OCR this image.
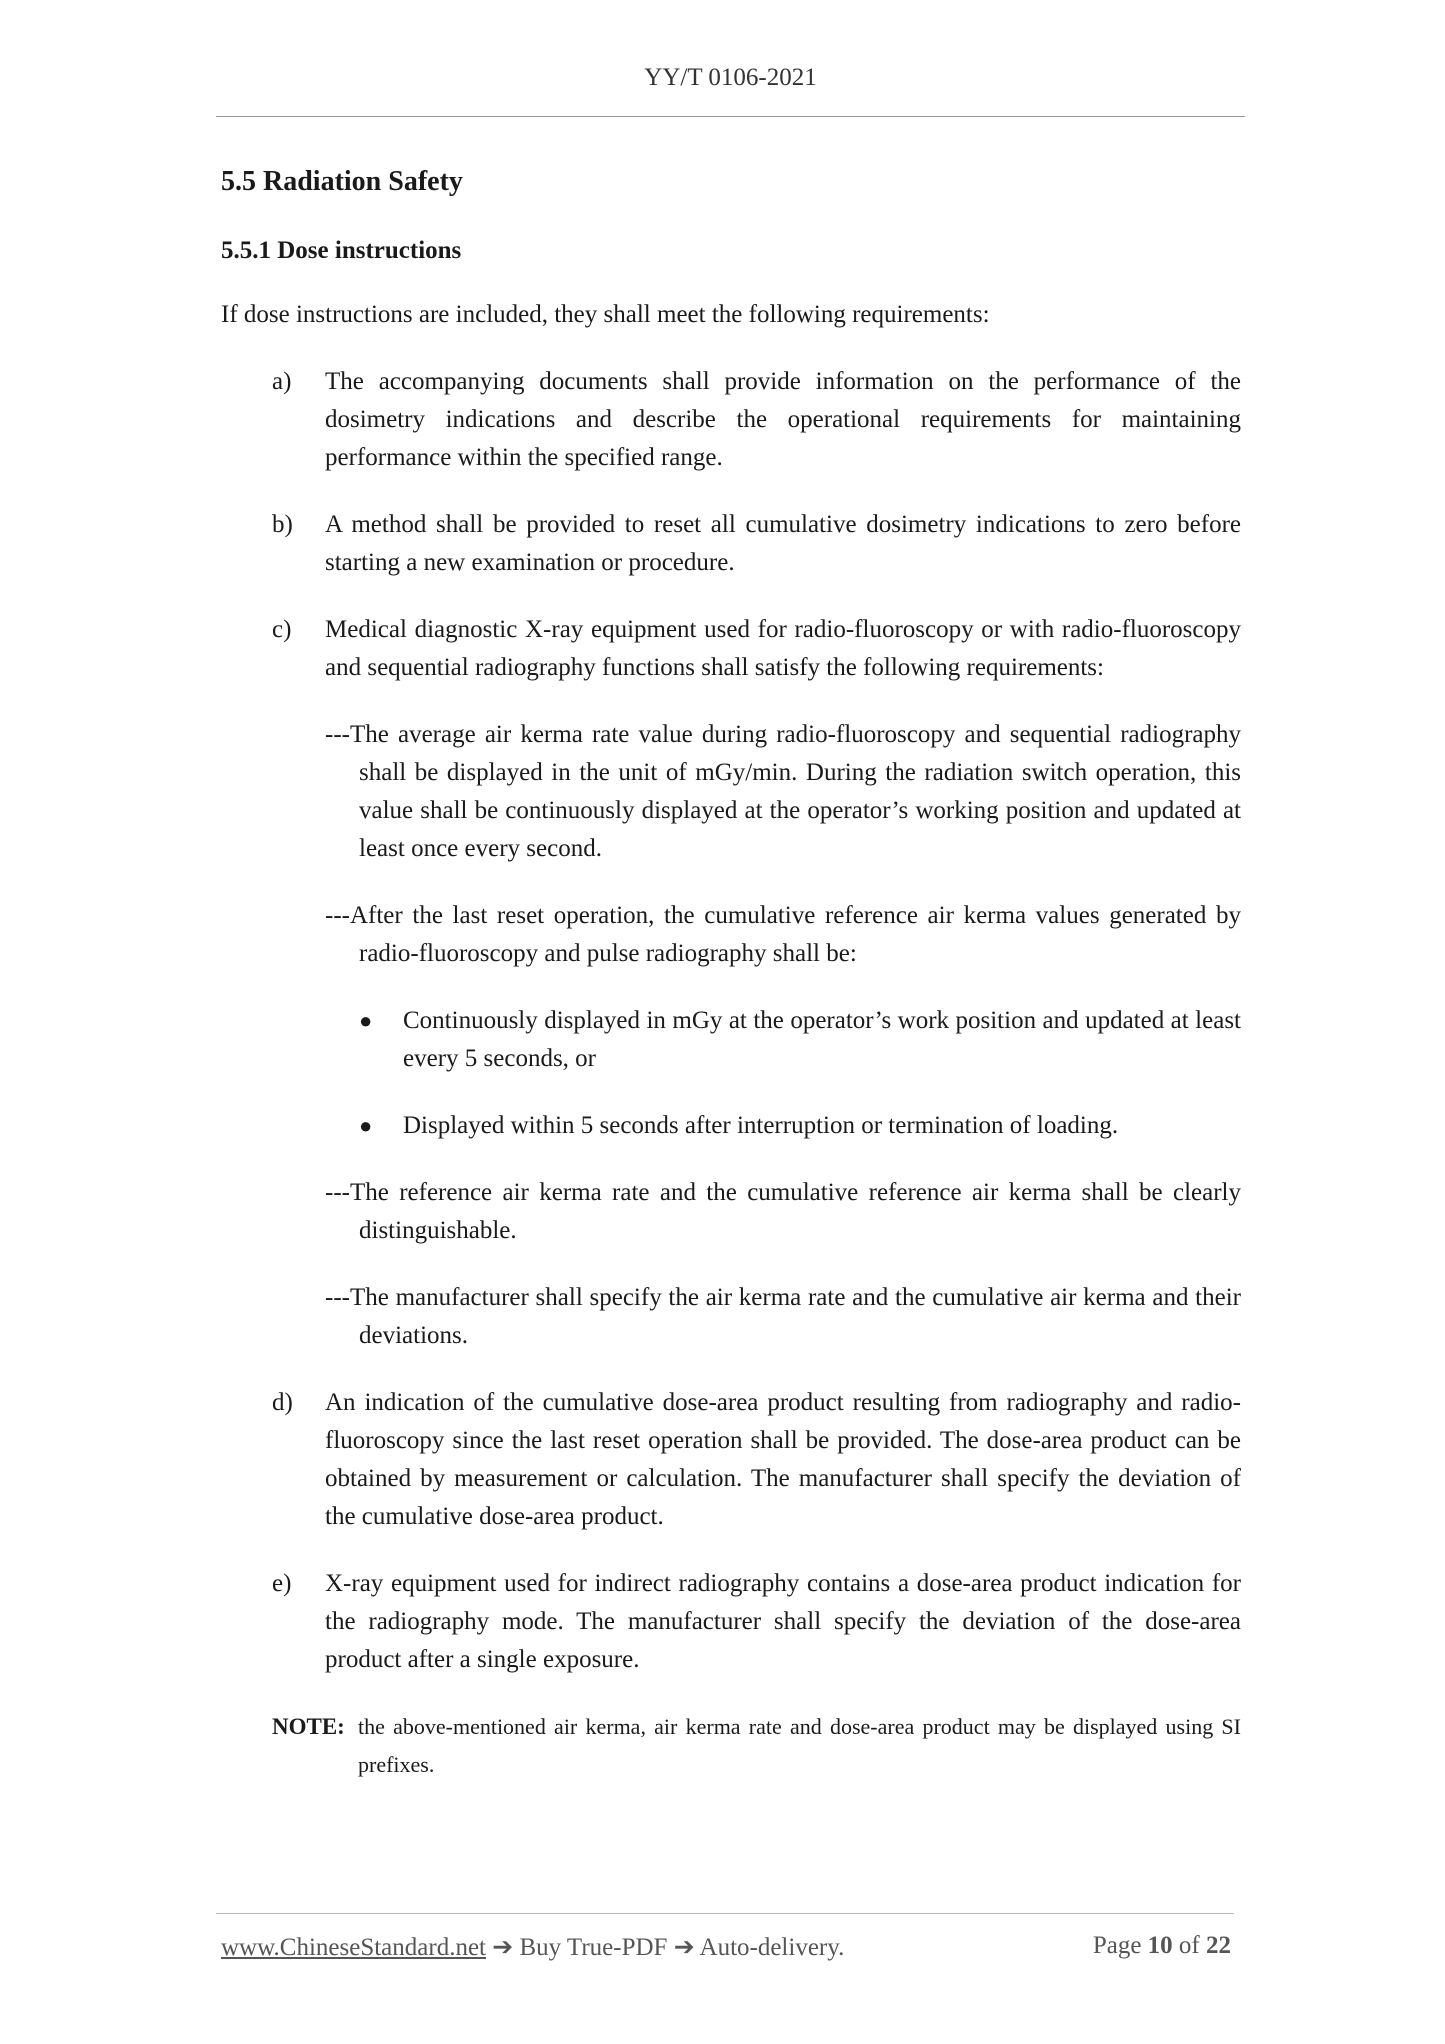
YY/T 0106-2021
5.5 Radiation Safety
5.5.1 Dose instructions

If dose instructions are included, they shall meet the following requirements:

a)	The accompanying documents shall provide information on the performance of the dosimetry indications and describe the operational requirements for maintaining performance within the specified range.
b)	A method shall be provided to reset all cumulative dosimetry indications to zero before starting a new examination or procedure.
c)	Medical diagnostic X-ray equipment used for radio-fluoroscopy or with radio-fluoroscopy and sequential radiography functions shall satisfy the following requirements:
---The average air kerma rate value during radio-fluoroscopy and sequential radiography shall be displayed in the unit of mGy/min. During the radiation switch operation, this value shall be continuously displayed at the operator’s working position and updated at least once every second.
---After the last reset operation, the cumulative reference air kerma values generated by radio-fluoroscopy and pulse radiography shall be:
●	Continuously displayed in mGy at the operator’s work position and updated at least every 5 seconds, or
●	Displayed within 5 seconds after interruption or termination of loading.
---The reference air kerma rate and the cumulative reference air kerma shall be clearly distinguishable.
---The manufacturer shall specify the air kerma rate and the cumulative air kerma and their deviations.
d)	An indication of the cumulative dose-area product resulting from radiography and radio-fluoroscopy since the last reset operation shall be provided. The dose-area product can be obtained by measurement or calculation. The manufacturer shall specify the deviation of the cumulative dose-area product.
e)	X-ray equipment used for indirect radiography contains a dose-area product indication for the radiography mode. The manufacturer shall specify the deviation of the dose-area product after a single exposure.
NOTE: the above-mentioned air kerma, air kerma rate and dose-area product may be displayed using SI prefixes.
www.ChineseStandard.net ➔ Buy True-PDF ➔ Auto-delivery.	Page 10 of 22
